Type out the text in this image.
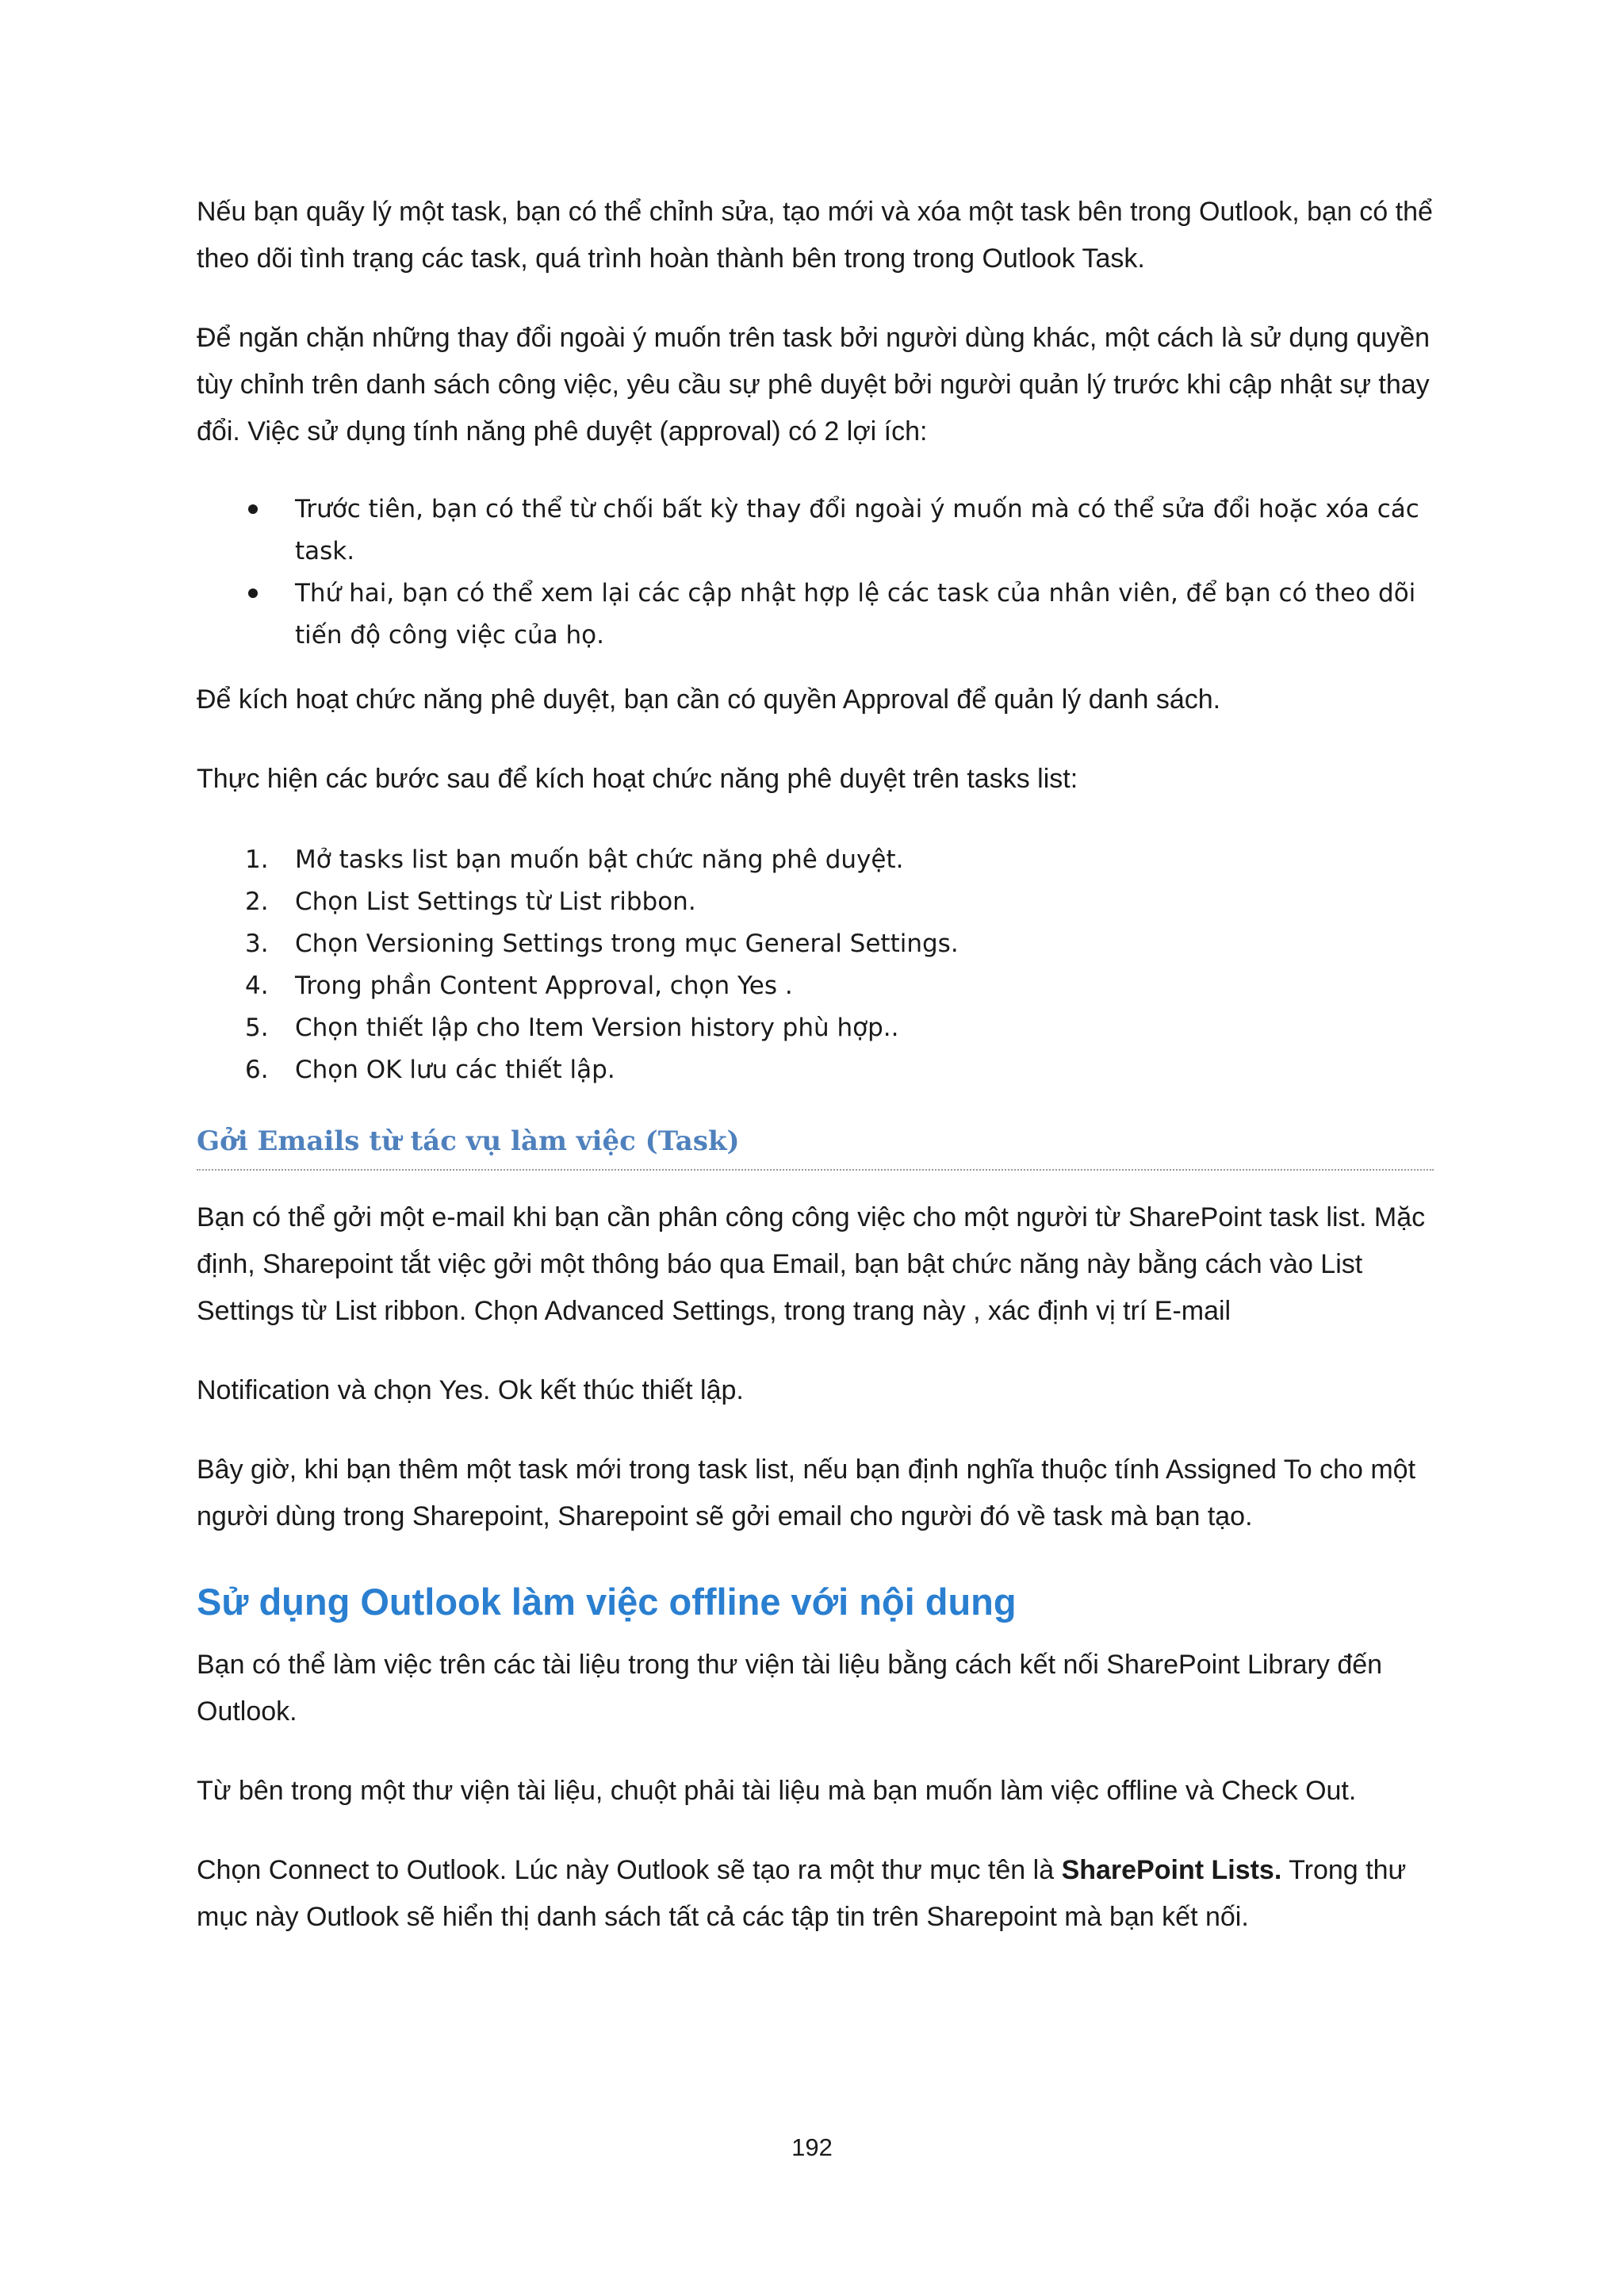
Nếu bạn quãy lý một task, bạn có thể chỉnh sửa, tạo mới và xóa một task bên trong Outlook, bạn có thể theo dõi tình trạng các task, quá trình hoàn thành bên trong trong Outlook Task.

Để ngăn chặn những thay đổi ngoài ý muốn trên task bởi người dùng khác, một cách là sử dụng quyền tùy chỉnh trên danh sách công việc, yêu cầu sự phê duyệt bởi người quản lý trước khi cập nhật sự thay đổi. Việc sử dụng tính năng phê duyệt (approval) có 2 lợi ích:

Trước tiên, bạn có thể từ chối bất kỳ thay đổi ngoài ý muốn mà có thể sửa đổi hoặc xóa các task.
Thứ hai, bạn có thể xem lại các cập nhật hợp lệ các task của nhân viên, để bạn có theo dõi tiến độ công việc của họ.

Để kích hoạt chức năng phê duyệt, bạn cần có quyền Approval để quản lý danh sách.

Thực hiện các bước sau để kích hoạt chức năng phê duyệt trên tasks list:

1. Mở tasks list bạn muốn bật chức năng phê duyệt.
2. Chọn List Settings từ List ribbon.
3. Chọn Versioning Settings trong mục General Settings.
4. Trong phần Content Approval, chọn Yes .
5. Chọn thiết lập cho Item Version history phù hợp..
6. Chọn OK lưu các thiết lập.
Gởi Emails từ tác vụ làm việc (Task)

Bạn có thể gởi một e-mail khi bạn cần phân công công việc cho một người từ SharePoint task list. Mặc định, Sharepoint tắt việc gởi một thông báo qua Email, bạn bật chức năng này bằng cách vào List Settings từ List ribbon. Chọn Advanced Settings, trong trang này , xác định vị trí E-mail

Notification và chọn Yes. Ok kết thúc thiết lập.

Bây giờ, khi bạn thêm một task mới trong task list, nếu bạn định nghĩa thuộc tính Assigned To cho một người dùng trong Sharepoint, Sharepoint sẽ gởi email cho người đó về task mà bạn tạo.

Sử dụng Outlook làm việc offline với nội dung

Bạn có thể làm việc trên các tài liệu trong thư viện tài liệu bằng cách kết nối SharePoint Library đến Outlook.

Từ bên trong một thư viện tài liệu, chuột phải tài liệu mà bạn muốn làm việc offline và Check Out.

Chọn Connect to Outlook. Lúc này Outlook sẽ tạo ra một thư mục tên là SharePoint Lists. Trong thư mục này Outlook sẽ hiển thị danh sách tất cả các tập tin trên Sharepoint mà bạn kết nối.

192
